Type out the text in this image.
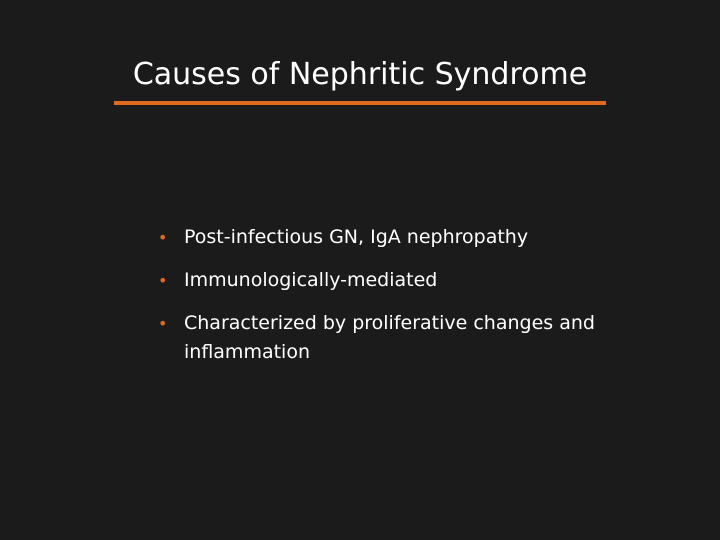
Causes of Nephritic Syndrome
• Post-infectious GN, IgA nephropathy
• Immunologically-mediated
• Characterized by proliferative changes and inflammation
